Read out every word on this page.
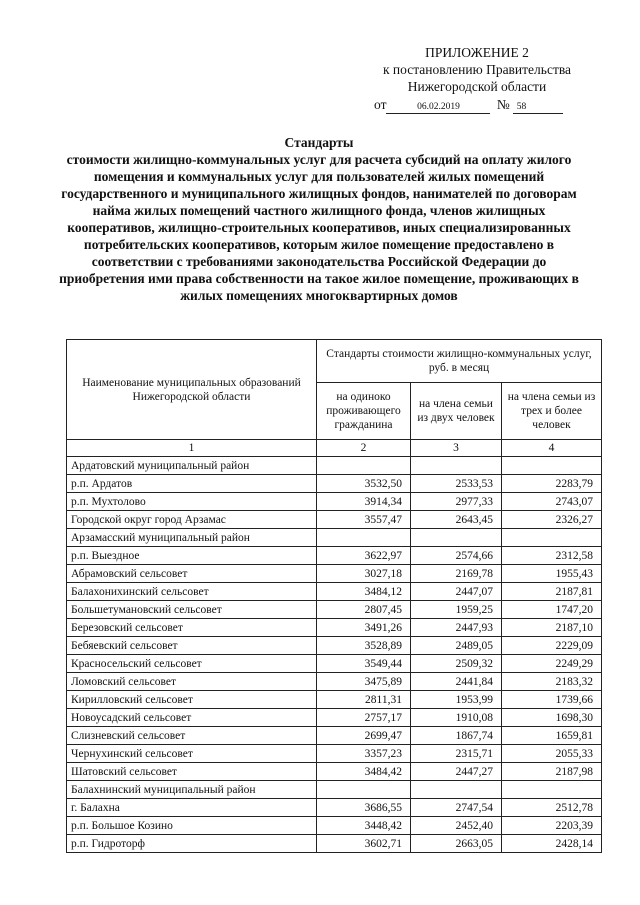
ПРИЛОЖЕНИЕ 2
к постановлению Правительства
Нижегородской области
от	06.02.2019	№ 58
Стандарты
стоимости жилищно-коммунальных услуг для расчета субсидий на оплату жилого помещения и коммунальных услуг для пользователей жилых помещений государственного и муниципального жилищных фондов, нанимателей по договорам найма жилых помещений частного жилищного фонда, членов жилищных кооперативов, жилищно-строительных кооперативов, иных специализированных потребительских кооперативов, которым жилое помещение предоставлено в соответствии с требованиями законодательства Российской Федерации до приобретения ими права собственности на такое жилое помещение, проживающих в жилых помещениях многоквартирных домов
Наименование муниципальных образований Нижегородской области	Стандарты стоимости жилищно-коммунальных услуг, руб. в месяц		
	на одиноко проживающего гражданина	на члена семьи из двух человек	на члена семьи из трех и более человек
1	2	3	4
Ардатовский муниципальный район			
р.п. Ардатов	3532,50	2533,53	2283,79
р.п. Мухтолово	3914,34	2977,33	2743,07
Городской округ город Арзамас	3557,47	2643,45	2326,27
Арзамасский муниципальный район			
р.п. Выездное	3622,97	2574,66	2312,58
Абрамовский сельсовет	3027,18	2169,78	1955,43
Балахонихинский сельсовет	3484,12	2447,07	2187,81
Большетумановский сельсовет	2807,45	1959,25	1747,20
Березовский сельсовет	3491,26	2447,93	2187,10
Бебяевский сельсовет	3528,89	2489,05	2229,09
Красносельский сельсовет	3549,44	2509,32	2249,29
Ломовский сельсовет	3475,89	2441,84	2183,32
Кирилловский сельсовет	2811,31	1953,99	1739,66
Новоусадский сельсовет	2757,17	1910,08	1698,30
Слизневский сельсовет	2699,47	1867,74	1659,81
Чернухинский сельсовет	3357,23	2315,71	2055,33
Шатовский сельсовет	3484,42	2447,27	2187,98
Балахнинский муниципальный район			
г. Балахна	3686,55	2747,54	2512,78
р.п. Большое Козино	3448,42	2452,40	2203,39
р.п. Гидроторф	3602,71	2663,05	2428,14
